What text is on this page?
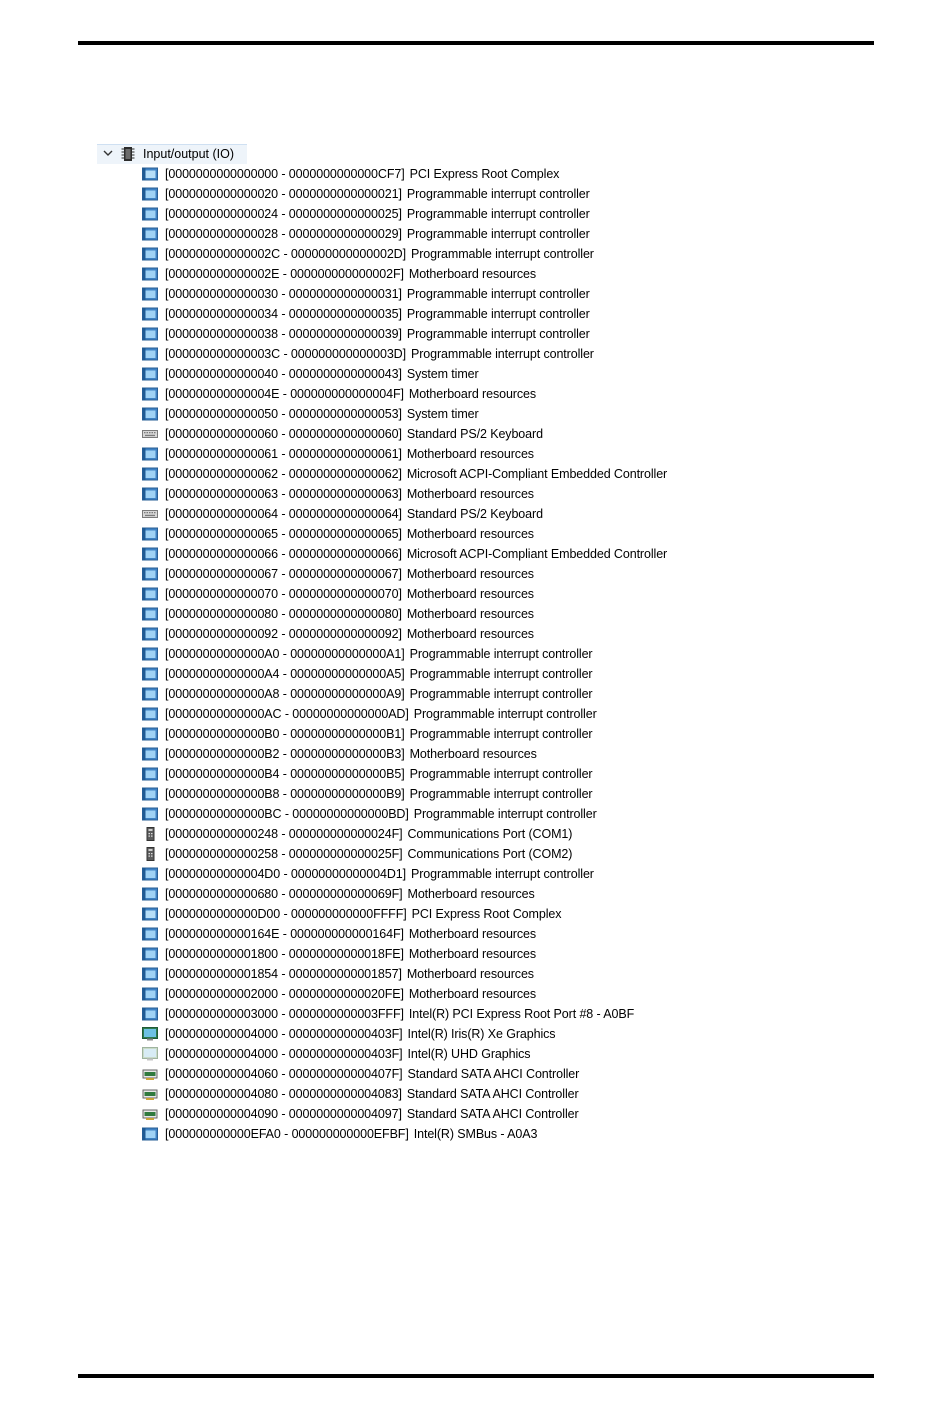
Input/output (IO)
[0000000000000000 - 0000000000000CF7] PCI Express Root Complex
[0000000000000020 - 0000000000000021] Programmable interrupt controller
[0000000000000024 - 0000000000000025] Programmable interrupt controller
[0000000000000028 - 0000000000000029] Programmable interrupt controller
[000000000000002C - 000000000000002D] Programmable interrupt controller
[000000000000002E - 000000000000002F] Motherboard resources
[0000000000000030 - 0000000000000031] Programmable interrupt controller
[0000000000000034 - 0000000000000035] Programmable interrupt controller
[0000000000000038 - 0000000000000039] Programmable interrupt controller
[000000000000003C - 000000000000003D] Programmable interrupt controller
[0000000000000040 - 0000000000000043] System timer
[000000000000004E - 000000000000004F] Motherboard resources
[0000000000000050 - 0000000000000053] System timer
[0000000000000060 - 0000000000000060] Standard PS/2 Keyboard
[0000000000000061 - 0000000000000061] Motherboard resources
[0000000000000062 - 0000000000000062] Microsoft ACPI-Compliant Embedded Controller
[0000000000000063 - 0000000000000063] Motherboard resources
[0000000000000064 - 0000000000000064] Standard PS/2 Keyboard
[0000000000000065 - 0000000000000065] Motherboard resources
[0000000000000066 - 0000000000000066] Microsoft ACPI-Compliant Embedded Controller
[0000000000000067 - 0000000000000067] Motherboard resources
[0000000000000070 - 0000000000000070] Motherboard resources
[0000000000000080 - 0000000000000080] Motherboard resources
[0000000000000092 - 0000000000000092] Motherboard resources
[00000000000000A0 - 00000000000000A1] Programmable interrupt controller
[00000000000000A4 - 00000000000000A5] Programmable interrupt controller
[00000000000000A8 - 00000000000000A9] Programmable interrupt controller
[00000000000000AC - 00000000000000AD] Programmable interrupt controller
[00000000000000B0 - 00000000000000B1] Programmable interrupt controller
[00000000000000B2 - 00000000000000B3] Motherboard resources
[00000000000000B4 - 00000000000000B5] Programmable interrupt controller
[00000000000000B8 - 00000000000000B9] Programmable interrupt controller
[00000000000000BC - 00000000000000BD] Programmable interrupt controller
[0000000000000248 - 000000000000024F] Communications Port (COM1)
[0000000000000258 - 000000000000025F] Communications Port (COM2)
[00000000000004D0 - 00000000000004D1] Programmable interrupt controller
[0000000000000680 - 000000000000069F] Motherboard resources
[0000000000000D00 - 000000000000FFFF] PCI Express Root Complex
[000000000000164E - 000000000000164F] Motherboard resources
[0000000000001800 - 00000000000018FE] Motherboard resources
[0000000000001854 - 0000000000001857] Motherboard resources
[0000000000002000 - 00000000000020FE] Motherboard resources
[0000000000003000 - 0000000000003FFF] Intel(R) PCI Express Root Port #8 - A0BF
[0000000000004000 - 000000000000403F] Intel(R) Iris(R) Xe Graphics
[0000000000004000 - 000000000000403F] Intel(R) UHD Graphics
[0000000000004060 - 000000000000407F] Standard SATA AHCI Controller
[0000000000004080 - 0000000000004083] Standard SATA AHCI Controller
[0000000000004090 - 0000000000004097] Standard SATA AHCI Controller
[000000000000EFA0 - 000000000000EFBF] Intel(R) SMBus - A0A3
